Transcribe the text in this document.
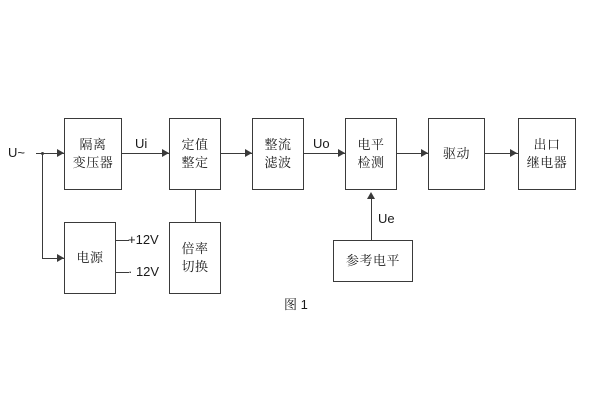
U~
隔离
变压器
Ui	定值
整定
整流
滤波
Uo 电平
检测
驱动
出口
继电器
电源
+12V
· 12V
倍率
切换	参考电平
Ue
图 1
